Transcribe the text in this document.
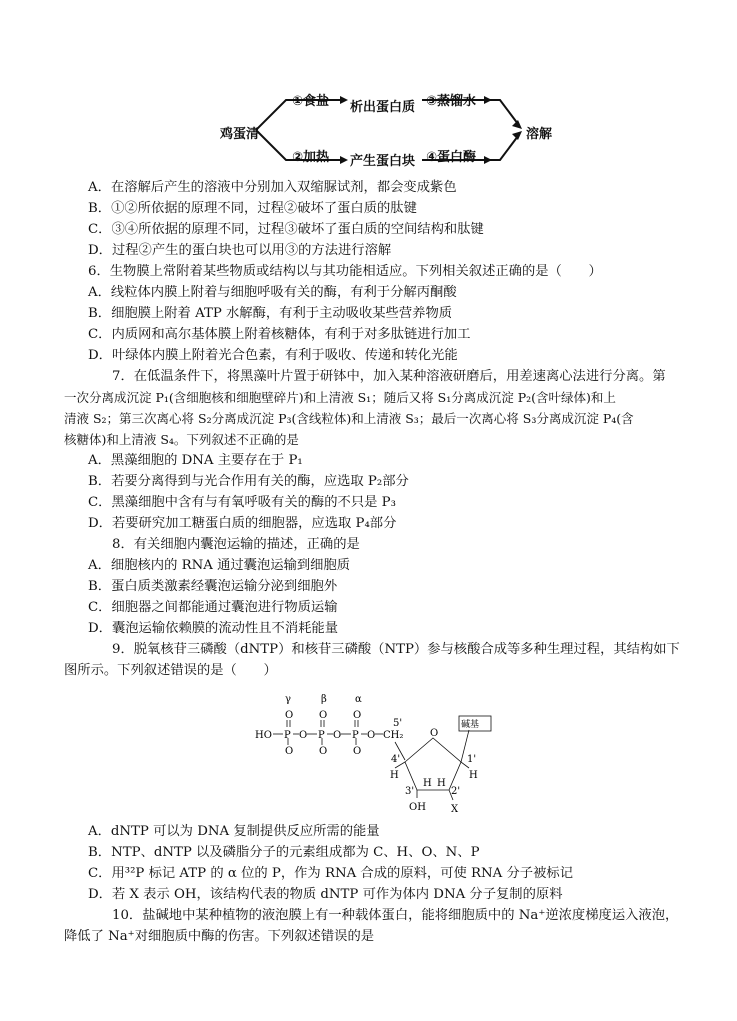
鸡蛋清
①食盐 析出蛋白质 ③蒸馏水
②加热 产生蛋白块 ④蛋白酶
溶解
A．在溶解后产生的溶液中分别加入双缩脲试剂，都会变成紫色
B．①②所依据的原理不同，过程②破坏了蛋白质的肽键
C．③④所依据的原理不同，过程③破坏了蛋白质的空间结构和肽键
D．过程②产生的蛋白块也可以用③的方法进行溶解
6．生物膜上常附着某些物质或结构以与其功能相适应。下列相关叙述正确的是（　　）
A．线粒体内膜上附着与细胞呼吸有关的酶，有利于分解丙酮酸
B．细胞膜上附着 ATP 水解酶，有利于主动吸收某些营养物质
C．内质网和高尔基体膜上附着核糖体，有利于对多肽链进行加工
D．叶绿体内膜上附着光合色素，有利于吸收、传递和转化光能
7．在低温条件下，将黑藻叶片置于研钵中，加入某种溶液研磨后，用差速离心法进行分离。第
一次分离成沉淀 P₁(含细胞核和细胞壁碎片)和上清液 S₁；随后又将 S₁分离成沉淀 P₂(含叶绿体)和上
清液 S₂；第三次离心将 S₂分离成沉淀 P₃(含线粒体)和上清液 S₃；最后一次离心将 S₃分离成沉淀 P₄(含
核糖体)和上清液 S₄。下列叙述不正确的是
A．黑藻细胞的 DNA 主要存在于 P₁
B．若要分离得到与光合作用有关的酶，应选取 P₂部分
C．黑藻细胞中含有与有氧呼吸有关的酶的不只是 P₃
D．若要研究加工糖蛋白质的细胞器，应选取 P₄部分
8．有关细胞内囊泡运输的描述，正确的是
A．细胞核内的 RNA 通过囊泡运输到细胞质
B．蛋白质类激素经囊泡运输分泌到细胞外
C．细胞器之间都能通过囊泡进行物质运输
D．囊泡运输依赖膜的流动性且不消耗能量
9．脱氧核苷三磷酸（dNTP）和核苷三磷酸（NTP）参与核酸合成等多种生理过程，其结构如下
图所示。下列叙述错误的是（　　）
γ	β	α
O	O	O
HO P O P O P O
O	O	O
5'
CH₂	O
碱基
4'
H
1'
H
3'
H H
2'
OH	X
A．dNTP 可以为 DNA 复制提供反应所需的能量
B．NTP、dNTP 以及磷脂分子的元素组成都为 C、H、O、N、P
C．用³²P 标记 ATP 的 α 位的 P，作为 RNA 合成的原料，可使 RNA 分子被标记
D．若 X 表示 OH，该结构代表的物质 dNTP 可作为体内 DNA 分子复制的原料
10．盐碱地中某种植物的液泡膜上有一种载体蛋白，能将细胞质中的 Na⁺逆浓度梯度运入液泡，
降低了 Na⁺对细胞质中酶的伤害。下列叙述错误的是
